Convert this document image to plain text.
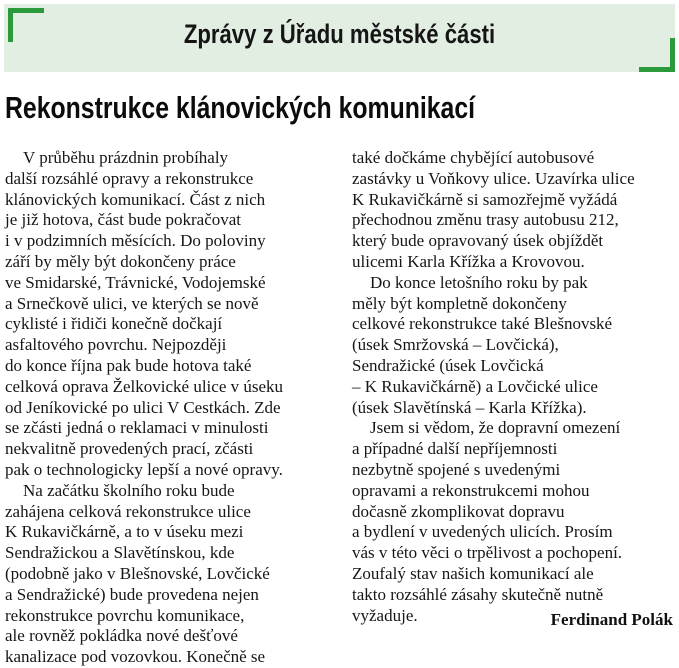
Zprávy z Úřadu městské části
Rekonstrukce klánovických komunikací
V průběhu prázdnin probíhaly
další rozsáhlé opravy a rekonstrukce
klánovických komunikací. Část z nich
je již hotova, část bude pokračovat
i v podzimních měsících. Do poloviny
září by měly být dokončeny práce
ve Smidarské, Trávnické, Vodojemské
a Srnečkově ulici, ve kterých se nově
cyklisté i řidiči konečně dočkají
asfaltového povrchu. Nejpozději
do konce října pak bude hotova také
celková oprava Želkovické ulice v úseku
od Jeníkovické po ulici V Cestkách. Zde
se zčásti jedná o reklamaci v minulosti
nekvalitně provedených prací, zčásti
pak o technologicky lepší a nové opravy.
Na začátku školního roku bude
zahájena celková rekonstrukce ulice
K Rukavičkárně, a to v úseku mezi
Sendražickou a Slavětínskou, kde
(podobně jako v Blešnovské, Lovčické
a Sendražické) bude provedena nejen
rekonstrukce povrchu komunikace,
ale rovněž pokládka nové dešťové
kanalizace pod vozovkou. Konečně se
také dočkáme chybějící autobusové
zastávky u Voňkovy ulice. Uzavírka ulice
K Rukavičkárně si samozřejmě vyžádá
přechodnou změnu trasy autobusu 212,
který bude opravovaný úsek objíždět
ulicemi Karla Křížka a Krovovou.
Do konce letošního roku by pak
měly být kompletně dokončeny
celkové rekonstrukce také Blešnovské
(úsek Smržovská – Lovčická),
Sendražické (úsek Lovčická
– K Rukavičkárně) a Lovčické ulice
(úsek Slavětínská – Karla Křížka).
Jsem si vědom, že dopravní omezení
a případné další nepříjemnosti
nezbytně spojené s uvedenými
opravami a rekonstrukcemi mohou
dočasně zkomplikovat dopravu
a bydlení v uvedených ulicích. Prosím
vás v této věci o trpělivost a pochopení.
Zoufalý stav našich komunikací ale
takto rozsáhlé zásahy skutečně nutně
vyžaduje.	Ferdinand Polák
